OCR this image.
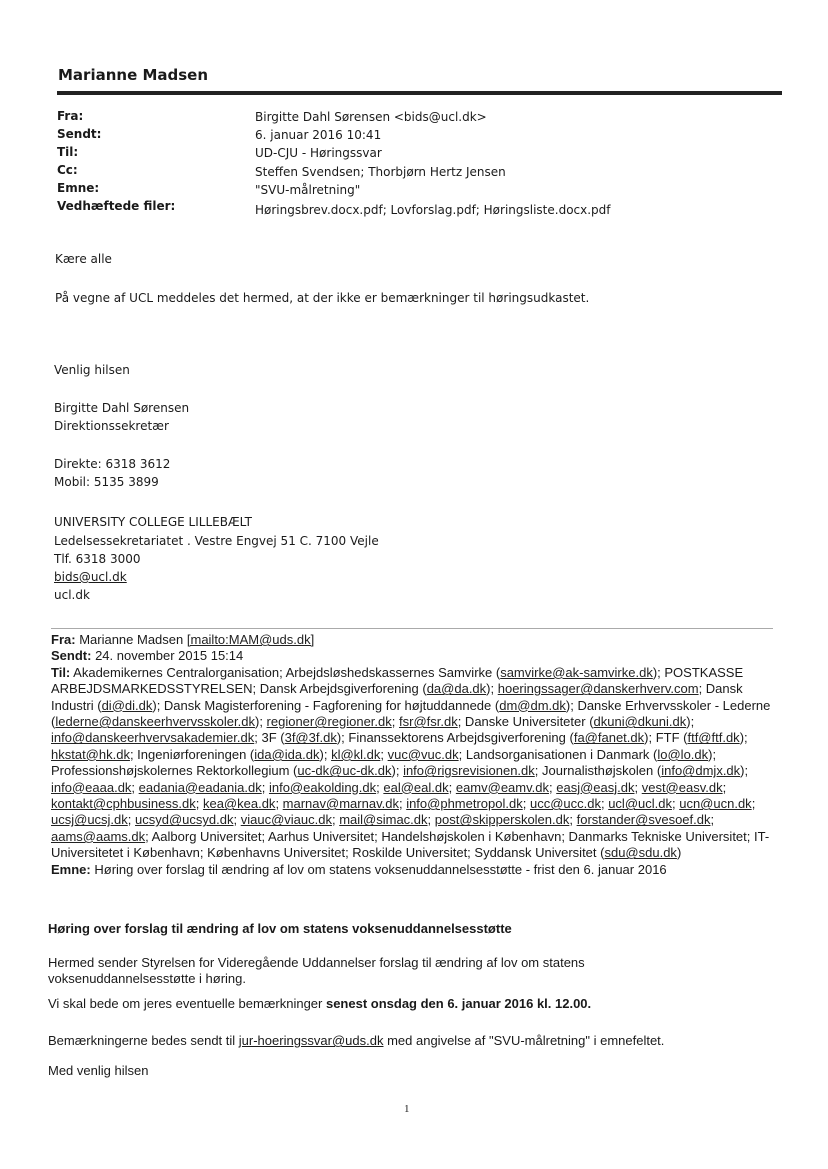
Marianne Madsen
Fra:	Birgitte Dahl Sørensen <bids@ucl.dk>
Sendt:	6. januar 2016 10:41
Til:	UD-CJU - Høringssvar
Cc:	Steffen Svendsen; Thorbjørn Hertz Jensen
Emne:	"SVU-målretning"
Vedhæftede filer:	Høringsbrev.docx.pdf; Lovforslag.pdf; Høringsliste.docx.pdf
Kære alle
På vegne af UCL meddeles det hermed, at der ikke er bemærkninger til høringsudkastet.
Venlig hilsen
Birgitte Dahl Sørensen
Direktionssekretær
Direkte: 6318 3612
Mobil: 5135 3899
UNIVERSITY COLLEGE LILLEBÆLT
Ledelsessekretariatet . Vestre Engvej 51 C. 7100 Vejle
Tlf. 6318 3000
bids@ucl.dk
ucl.dk
Fra: Marianne Madsen [mailto:MAM@uds.dk]
Sendt: 24. november 2015 15:14
Til: Akademikernes Centralorganisation; Arbejdsløshedskassernes Samvirke (samvirke@ak-samvirke.dk); POSTKASSE ARBEJDSMARKEDSSTYRELSEN; Dansk Arbejdsgiverforening (da@da.dk); hoeringssager@danskerhverv.com; Dansk Industri (di@di.dk); Dansk Magisterforening - Fagforening for højtuddannede (dm@dm.dk); Danske Erhvervsskoler - Lederne (lederne@danskeerhvervsskoler.dk); regioner@regioner.dk; fsr@fsr.dk; Danske Universiteter (dkuni@dkuni.dk); info@danskeerhvervsakademier.dk; 3F (3f@3f.dk); Finanssektorens Arbejdsgiverforening (fa@fanet.dk); FTF (ftf@ftf.dk); hkstat@hk.dk; Ingeniørforeningen (ida@ida.dk); kl@kl.dk; vuc@vuc.dk; Landsorganisationen i Danmark (lo@lo.dk); Professionshøjskolernes Rektorkollegium (uc-dk@uc-dk.dk); info@rigsrevisionen.dk; Journalisthøjskolen (info@dmjx.dk); info@eaaa.dk; eadania@eadania.dk; info@eakolding.dk; eal@eal.dk; eamv@eamv.dk; easj@easj.dk; vest@easv.dk; kontakt@cphbusiness.dk; kea@kea.dk; marnav@marnav.dk; info@phmetropol.dk; ucc@ucc.dk; ucl@ucl.dk; ucn@ucn.dk; ucsj@ucsj.dk; ucsyd@ucsyd.dk; viauc@viauc.dk; mail@simac.dk; post@skipperskolen.dk; forstander@svesoef.dk; aams@aams.dk; Aalborg Universitet; Aarhus Universitet; Handelshøjskolen i København; Danmarks Tekniske Universitet; IT-Universitetet i København; Københavns Universitet; Roskilde Universitet; Syddansk Universitet (sdu@sdu.dk)
Emne: Høring over forslag til ændring af lov om statens voksenuddannelsesstøtte - frist den 6. januar 2016
Høring over forslag til ændring af lov om statens voksenuddannelsesstøtte
Hermed sender Styrelsen for Videregående Uddannelser forslag til ændring af lov om statens voksenuddannelsesstøtte i høring.
Vi skal bede om jeres eventuelle bemærkninger senest onsdag den 6. januar 2016 kl. 12.00.
Bemærkningerne bedes sendt til jur-hoeringssvar@uds.dk med angivelse af "SVU-målretning" i emnefeltet.
Med venlig hilsen
1
